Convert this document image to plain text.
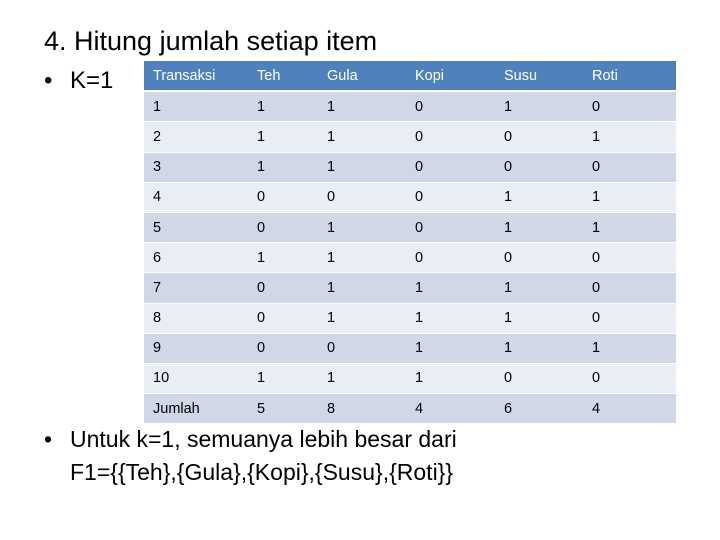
4. Hitung jumlah setiap item
• K=1	Transaksi	Teh	Gula	Kopi	Susu	Roti
1	1	1	0	1	0
2	1	1	0	0	1
3	1	1	0	0	0
4	0	0	0	1	1
5	0	1	0	1	1
6	1	1	0	0	0
7	0	1	1	1	0
8	0	1	1	1	0
9	0	0	1	1	1
10	1	1	1	0	0
Jumlah	5	8	4	6	4
• Untuk k=1, semuanya lebih besar dari
F1={{Teh},{Gula},{Kopi},{Susu},{Roti}}
